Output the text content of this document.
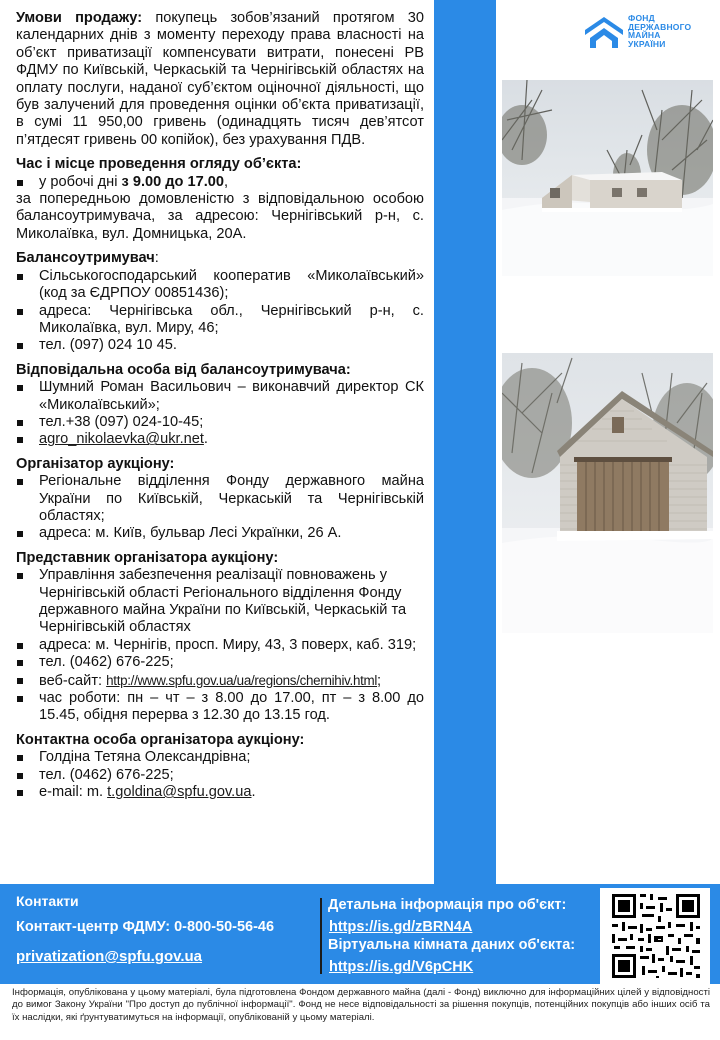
Умови продажу: покупець зобов’язаний протягом 30 календарних днів з моменту переходу права власності на об’єкт приватизації компенсувати витрати, понесені РВ ФДМУ по Київській, Черкаській та Чернігівській областях на оплату послуги, наданої суб’єктом оціночної діяльності, що був залучений для проведення оцінки об’єкта приватизації, в сумі 11 950,00 гривень (одинадцять тисяч дев’ятсот п’ятдесят гривень 00 копійок), без урахування ПДВ.

Час і місце проведення огляду об’єкта:
у робочі дні з 9.00 до 17.00,

за попередньою домовленістю з відповідальною особою балансоутримувача, за адресою: Чернігівський р-н, с. Миколаївка, вул. Домницька, 20А.

Балансоутримувач:
Сільськогосподарський кооператив «Миколаївський» (код за ЄДРПОУ 00851436);
адреса: Чернігівська обл., Чернігівський р-н, с. Миколаївка, вул. Миру, 46;
тел. (097) 024 10 45.
Відповідальна особа від балансоутримувача:
Шумний Роман Васильович – виконавчий директор СК «Миколаївський»;
тел.+38 (097) 024-10-45;
agro_nikolaevka@ukr.net.
Організатор аукціону:
Регіональне відділення Фонду державного майна України по Київській, Черкаській та Чернігівській областях;
адреса: м. Київ, бульвар Лесі Українки, 26 А.
Представник організатора аукціону:
Управління забезпечення реалізації повноважень у Чернігівській області Регіонального відділення Фонду державного майна України по Київській, Черкаській та Чернігівській областях
адреса: м. Чернігів, просп. Миру, 43, 3 поверх, каб. 319;
тел. (0462) 676-225;
веб-сайт: http://www.spfu.gov.ua/ua/regions/chernihiv.html;
час роботи: пн – чт – з 8.00 до 17.00, пт – з 8.00 до 15.45, обідня перерва з 12.30 до 13.15 год.
Контактна особа організатора аукціону:
Голдіна Тетяна Олександрівна;
тел. (0462) 676-225;
e-mail: m. t.goldina@spfu.gov.ua.
ФОНД
ДЕРЖАВНОГО
МАЙНА
УКРАЇНИ
Контакти
Контакт-центр ФДМУ: 0-800-50-56-46
privatization@spfu.gov.ua
Детальна інформація про об'єкт:
https://is.gd/zBRN4A
Віртуальна кімната даних об'єкта:
https://is.gd/V6pCHK
Інформація, опублікована у цьому матеріалі, була підготовлена Фондом державного майна (далі - Фонд) виключно для інформаційних цілей у відповідності до вимог Закону України "Про доступ до публічної інформації". Фонд не несе відповідальності за рішення покупців, потенційних покупців або інших осіб та їх наслідки, які ґрунтуватимуться на інформації, опублікованій у цьому матеріалі.
